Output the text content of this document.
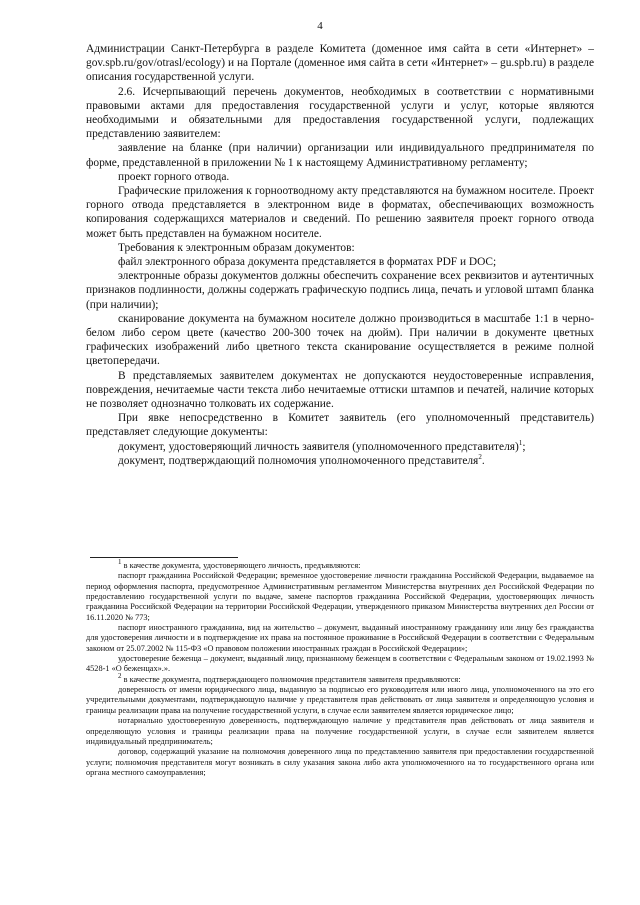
4

Администрации Санкт-Петербурга в разделе Комитета (доменное имя сайта в сети «Интернет» – gov.spb.ru/gov/otrasl/ecology) и на Портале (доменное имя сайта в сети «Интернет» – gu.spb.ru) в разделе описания государственной услуги.

2.6. Исчерпывающий перечень документов, необходимых в соответствии с нормативными правовыми актами для предоставления государственной услуги и услуг, которые являются необходимыми и обязательными для предоставления государственной услуги, подлежащих представлению заявителем:

заявление на бланке (при наличии) организации или индивидуального предпринимателя по форме, представленной в приложении № 1 к настоящему Административному регламенту;

проект горного отвода.

Графические приложения к горноотводному акту представляются на бумажном носителе. Проект горного отвода представляется в электронном виде в форматах, обеспечивающих возможность копирования содержащихся материалов и сведений. По решению заявителя проект горного отвода может быть представлен на бумажном носителе.

Требования к электронным образам документов:

файл электронного образа документа представляется в форматах PDF и DOC;

электронные образы документов должны обеспечить сохранение всех реквизитов и аутентичных признаков подлинности, должны содержать графическую подпись лица, печать и угловой штамп бланка (при наличии);

сканирование документа на бумажном носителе должно производиться в масштабе 1:1 в черно-белом либо сером цвете (качество 200-300 точек на дюйм). При наличии в документе цветных графических изображений либо цветного текста сканирование осуществляется в режиме полной цветопередачи.

В представляемых заявителем документах не допускаются неудостоверенные исправления, повреждения, нечитаемые части текста либо нечитаемые оттиски штампов и печатей, наличие которых не позволяет однозначно толковать их содержание.

При явке непосредственно в Комитет заявитель (его уполномоченный представитель) представляет следующие документы:

документ, удостоверяющий личность заявителя (уполномоченного представителя)$^1$;

документ, подтверждающий полномочия уполномоченного представителя$^2$.

$^1$ в качестве документа, удостоверяющего личность, предъявляются:

паспорт гражданина Российской Федерации; временное удостоверение личности гражданина Российской Федерации, выдаваемое на период оформления паспорта, предусмотренное Административным регламентом Министерства внутренних дел Российской Федерации по предоставлению государственной услуги по выдаче, замене паспортов гражданина Российской Федерации, удостоверяющих личность гражданина Российской Федерации на территории Российской Федерации, утвержденного приказом Министерства внутренних дел России от 16.11.2020 № 773;

паспорт иностранного гражданина, вид на жительство – документ, выданный иностранному гражданину или лицу без гражданства для удостоверения личности и в подтверждение их права на постоянное проживание в Российской Федерации в соответствии с Федеральным законом от 25.07.2002 № 115-ФЗ «О правовом положении иностранных граждан в Российской Федерации»;

удостоверение беженца – документ, выданный лицу, признанному беженцем в соответствии с Федеральным законом от 19.02.1993 № 4528-1 «О беженцах».».

$^2$ в качестве документа, подтверждающего полномочия представителя заявителя предъявляются:

доверенность от имени юридического лица, выданную за подписью его руководителя или иного лица, уполномоченного на это его учредительными документами, подтверждающую наличие у представителя прав действовать от лица заявителя и определяющую условия и границы реализации права на получение государственной услуги, в случае если заявителем является юридическое лицо;

нотариально удостоверенную доверенность, подтверждающую наличие у представителя прав действовать от лица заявителя и определяющую условия и границы реализации права на получение государственной услуги, в случае если заявителем является индивидуальный предприниматель;

договор, содержащий указание на полномочия доверенного лица по представлению заявителя при предоставлении государственной услуги; полномочия представителя могут возникать в силу указания закона либо акта уполномоченного на то государственного органа или органа местного самоуправления;
